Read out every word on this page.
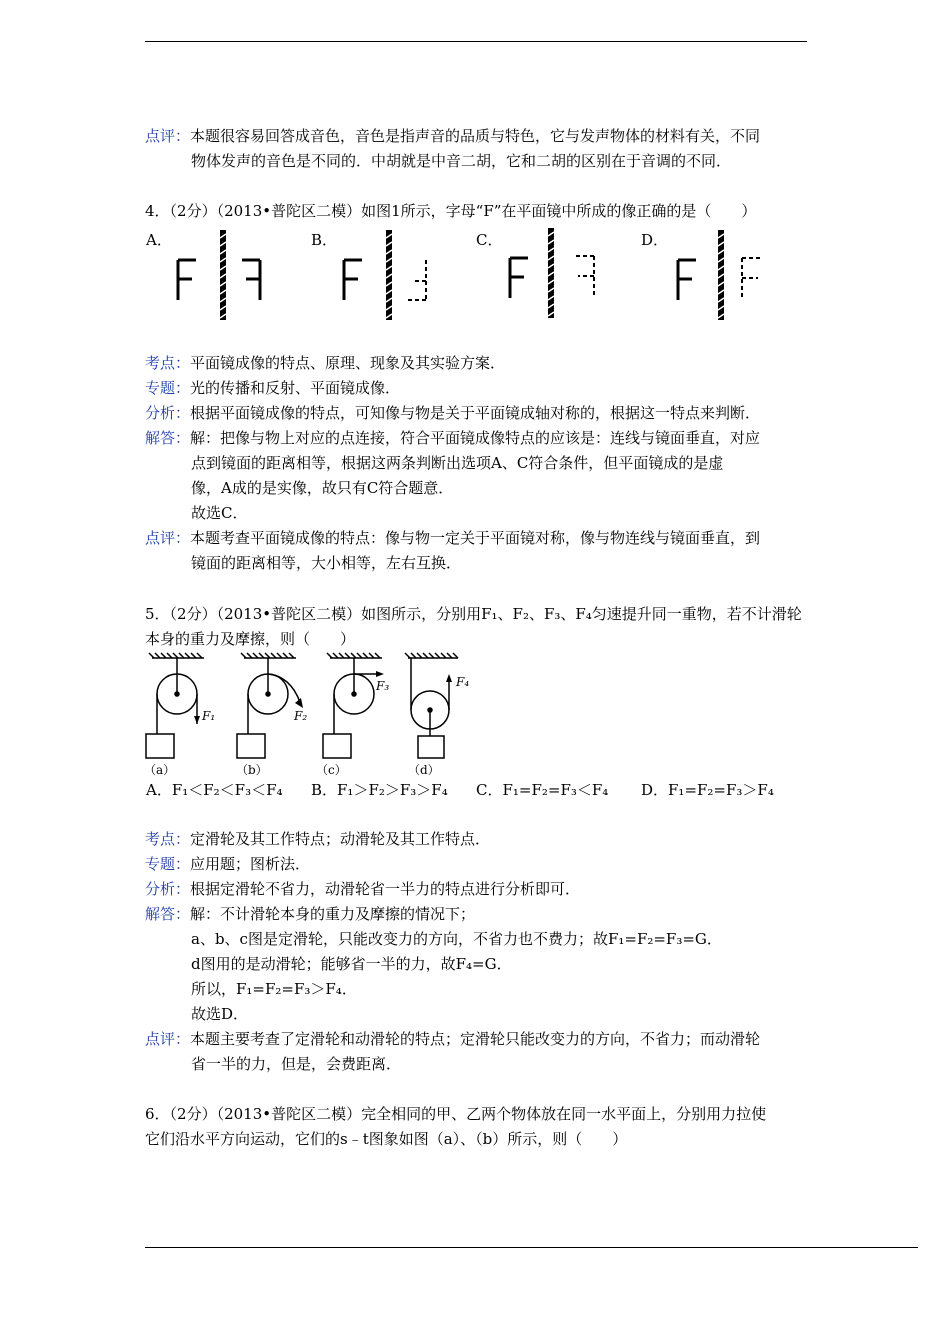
点评：本题很容易回答成音色，音色是指声音的品质与特色，它与发声物体的材料有关，不同
物体发声的音色是不同的．中胡就是中音二胡，它和二胡的区别在于音调的不同．
4．（2分）（2013•普陀区二模）如图1所示，字母“F”在平面镜中所成的像正确的是（　　）
A．	B．	C．	D．
考点：平面镜成像的特点、原理、现象及其实验方案．
专题：光的传播和反射、平面镜成像．
分析：根据平面镜成像的特点，可知像与物是关于平面镜成轴对称的，根据这一特点来判断．
解答：解：把像与物上对应的点连接，符合平面镜成像特点的应该是：连线与镜面垂直，对应
点到镜面的距离相等，根据这两条判断出选项A、C符合条件，但平面镜成的是虚
像，A成的是实像，故只有C符合题意．
故选C．
点评：本题考查平面镜成像的特点：像与物一定关于平面镜对称，像与物连线与镜面垂直，到
镜面的距离相等，大小相等，左右互换．
5．（2分）（2013•普陀区二模）如图所示，分别用F₁、F₂、F₃、F₄匀速提升同一重物，若不计滑轮
本身的重力及摩擦，则（　　）
F₁
（a）
F₂
（b）
F₃
（c）
F₄
（d）
A．F₁＜F₂＜F₃＜F₄ B．F₁＞F₂＞F₃＞F₄ C．F₁=F₂=F₃＜F₄ D．F₁=F₂=F₃＞F₄
考点：定滑轮及其工作特点；动滑轮及其工作特点．
专题：应用题；图析法．
分析：根据定滑轮不省力，动滑轮省一半力的特点进行分析即可．
解答：解：不计滑轮本身的重力及摩擦的情况下；
a、b、c图是定滑轮，只能改变力的方向，不省力也不费力；故F₁=F₂=F₃=G．
d图用的是动滑轮；能够省一半的力，故F₄=G．
所以，F₁=F₂=F₃＞F₄．
故选D．
点评：本题主要考查了定滑轮和动滑轮的特点；定滑轮只能改变力的方向，不省力；而动滑轮
省一半的力，但是，会费距离．
6．（2分）（2013•普陀区二模）完全相同的甲、乙两个物体放在同一水平面上，分别用力拉使
它们沿水平方向运动，它们的s﹣t图象如图（a）、（b）所示，则（　　）
